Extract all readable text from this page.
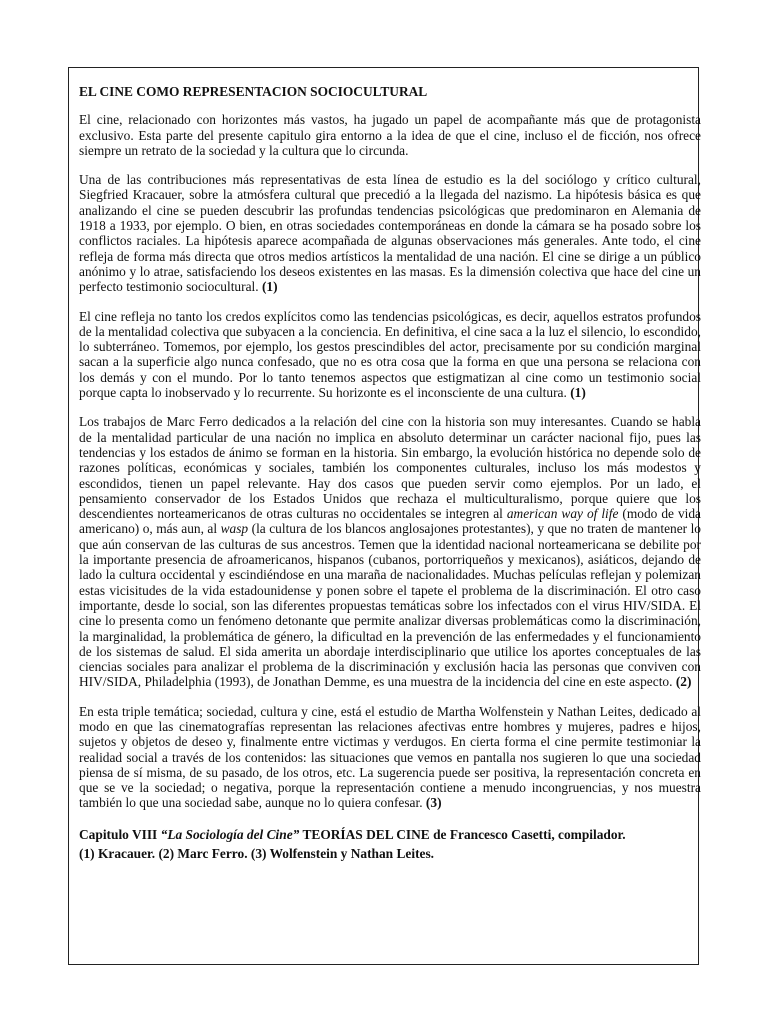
EL CINE COMO REPRESENTACION SOCIOCULTURAL

El cine, relacionado con horizontes más vastos, ha jugado un papel de acompañante más que de protagonista exclusivo. Esta parte del presente capitulo gira entorno a la idea de que el cine, incluso el de ficción, nos ofrece siempre un retrato de la sociedad y la cultura que lo circunda.

Una de las contribuciones más representativas de esta línea de estudio es la del sociólogo y crítico cultural, Siegfried Kracauer, sobre la atmósfera cultural que precedió a la llegada del nazismo. La hipótesis básica es que analizando el cine se pueden descubrir las profundas tendencias psicológicas que predominaron en Alemania de 1918 a 1933, por ejemplo. O bien, en otras sociedades contemporáneas en donde la cámara se ha posado sobre los conflictos raciales. La hipótesis aparece acompañada de algunas observaciones más generales. Ante todo, el cine refleja de forma más directa que otros medios artísticos la mentalidad de una nación. El cine se dirige a un público anónimo y lo atrae, satisfaciendo los deseos existentes en las masas. Es la dimensión colectiva que hace del cine un perfecto testimonio sociocultural. (1)

El cine refleja no tanto los credos explícitos como las tendencias psicológicas, es decir, aquellos estratos profundos de la mentalidad colectiva que subyacen a la conciencia. En definitiva, el cine saca a la luz el silencio, lo escondido, lo subterráneo. Tomemos, por ejemplo, los gestos prescindibles del actor, precisamente por su condición marginal sacan a la superficie algo nunca confesado, que no es otra cosa que la forma en que una persona se relaciona con los demás y con el mundo. Por lo tanto tenemos aspectos que estigmatizan al cine como un testimonio social porque capta lo inobservado y lo recurrente. Su horizonte es el inconsciente de una cultura. (1)

Los trabajos de Marc Ferro dedicados a la relación del cine con la historia son muy interesantes. Cuando se habla de la mentalidad particular de una nación no implica en absoluto determinar un carácter nacional fijo, pues las tendencias y los estados de ánimo se forman en la historia. Sin embargo, la evolución histórica no depende solo de razones políticas, económicas y sociales, también los componentes culturales, incluso los más modestos y escondidos, tienen un papel relevante. Hay dos casos que pueden servir como ejemplos. Por un lado, el pensamiento conservador de los Estados Unidos que rechaza el multiculturalismo, porque quiere que los descendientes norteamericanos de otras culturas no occidentales se integren al american way of life (modo de vida americano) o, más aun, al wasp (la cultura de los blancos anglosajones protestantes), y que no traten de mantener lo que aún conservan de las culturas de sus ancestros. Temen que la identidad nacional norteamericana se debilite por la importante presencia de afroamericanos, hispanos (cubanos, portorriqueños y mexicanos), asiáticos, dejando de lado la cultura occidental y escindiéndose en una maraña de nacionalidades. Muchas películas reflejan y polemizan estas vicisitudes de la vida estadounidense y ponen sobre el tapete el problema de la discriminación. El otro caso importante, desde lo social, son las diferentes propuestas temáticas sobre los infectados con el virus HIV/SIDA. El cine lo presenta como un fenómeno detonante que permite analizar diversas problemáticas como la discriminación, la marginalidad, la problemática de género, la dificultad en la prevención de las enfermedades y el funcionamiento de los sistemas de salud. El sida amerita un abordaje interdisciplinario que utilice los aportes conceptuales de las ciencias sociales para analizar el problema de la discriminación y exclusión hacia las personas que conviven con HIV/SIDA, Philadelphia (1993), de Jonathan Demme, es una muestra de la incidencia del cine en este aspecto. (2)

En esta triple temática; sociedad, cultura y cine, está el estudio de Martha Wolfenstein y Nathan Leites, dedicado al modo en que las cinematografías representan las relaciones afectivas entre hombres y mujeres, padres e hijos, sujetos y objetos de deseo y, finalmente entre victimas y verdugos. En cierta forma el cine permite testimoniar la realidad social a través de los contenidos: las situaciones que vemos en pantalla nos sugieren lo que una sociedad piensa de sí misma, de su pasado, de los otros, etc. La sugerencia puede ser positiva, la representación concreta en que se ve la sociedad; o negativa, porque la representación contiene a menudo incongruencias, y nos muestra también lo que una sociedad sabe, aunque no lo quiera confesar. (3)

Capitulo VIII “La Sociología del Cine” TEORÍAS DEL CINE de Francesco Casetti, compilador.
(1) Kracauer. (2) Marc Ferro. (3) Wolfenstein y Nathan Leites.
